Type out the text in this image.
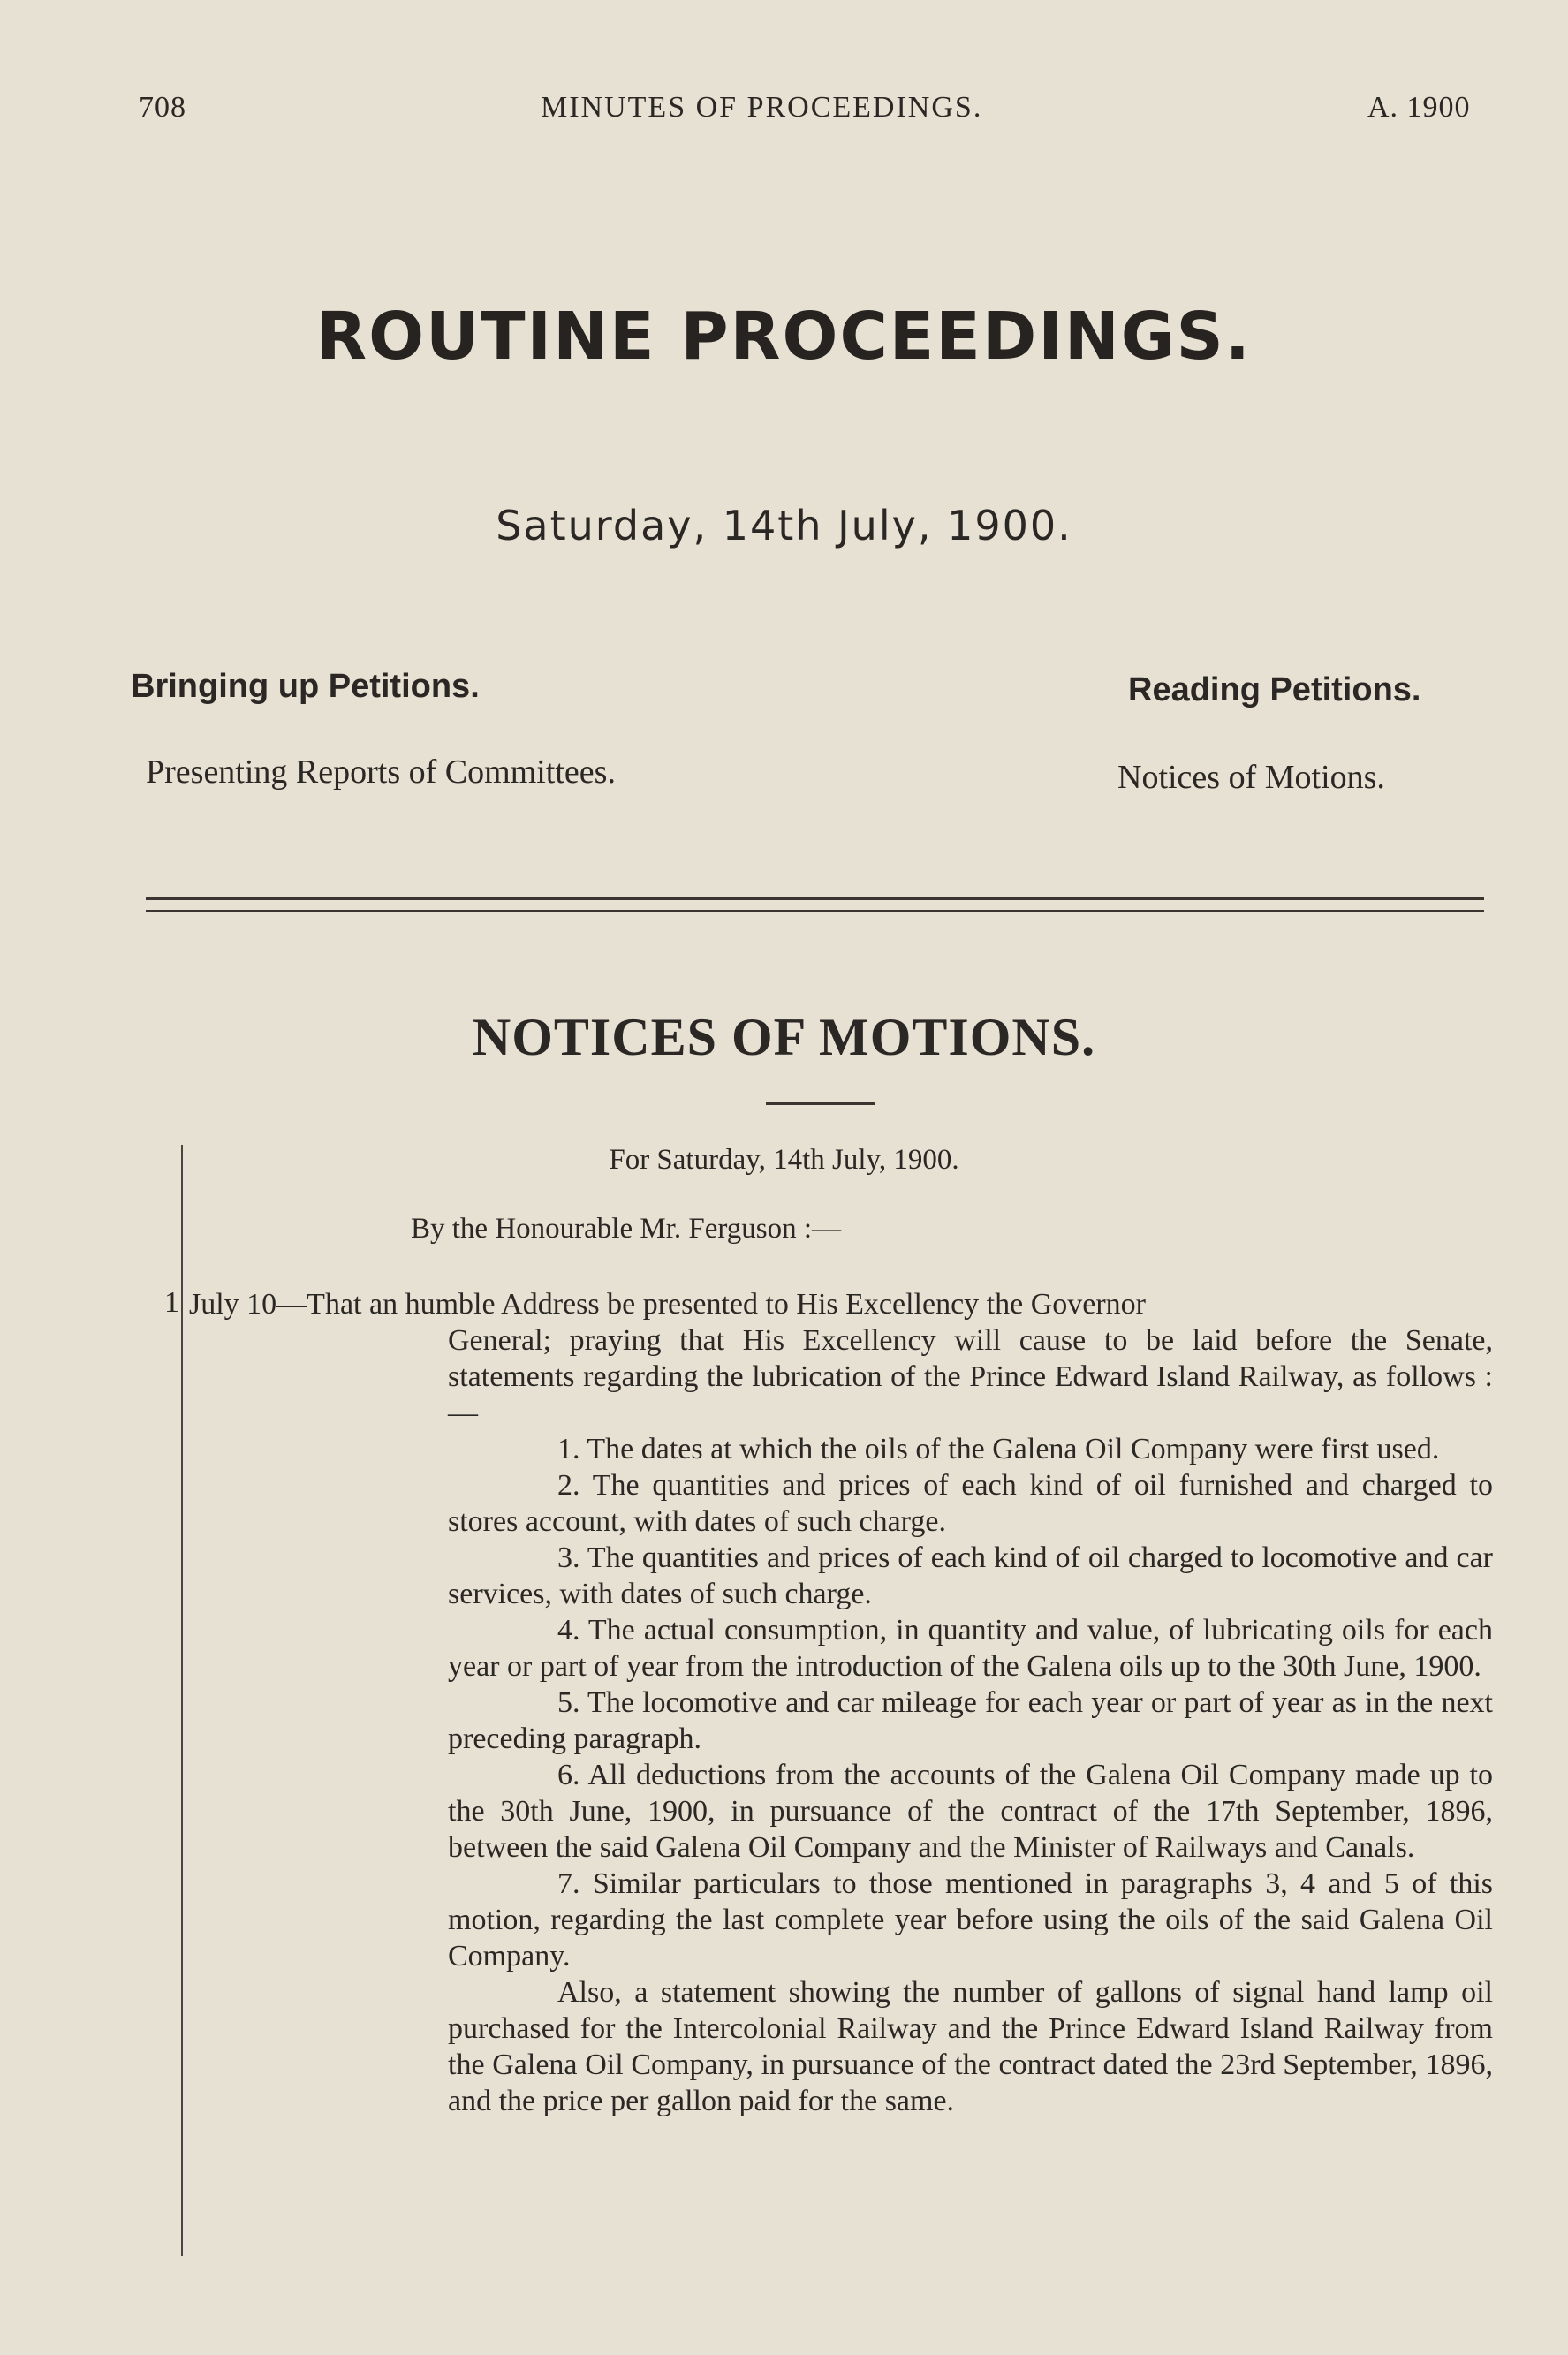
708	MINUTES OF PROCEEDINGS.	A. 1900
ROUTINE PROCEEDINGS.
Saturday, 14th July, 1900.
Bringing up Petitions.	Reading Petitions.
Presenting Reports of Committees.	Notices of Motions.
NOTICES OF MOTIONS.
For Saturday, 14th July, 1900.
By the Honourable Mr. Ferguson :—
1 July 10—That an humble Address be presented to His Excellency the Governor

General; praying that His Excellency will cause to be laid before the Senate, statements regarding the lubrication of the Prince Edward Island Railway, as follows :—

1. The dates at which the oils of the Galena Oil Company were first used.

2. The quantities and prices of each kind of oil furnished and charged to stores account, with dates of such charge.

3. The quantities and prices of each kind of oil charged to locomotive and car services, with dates of such charge.

4. The actual consumption, in quantity and value, of lubricating oils for each year or part of year from the introduction of the Galena oils up to the 30th June, 1900.

5. The locomotive and car mileage for each year or part of year as in the next preceding paragraph.

6. All deductions from the accounts of the Galena Oil Company made up to the 30th June, 1900, in pursuance of the contract of the 17th September, 1896, between the said Galena Oil Company and the Minister of Railways and Canals.

7. Similar particulars to those mentioned in paragraphs 3, 4 and 5 of this motion, regarding the last complete year before using the oils of the said Galena Oil Company.

Also, a statement showing the number of gallons of signal hand lamp oil purchased for the Intercolonial Railway and the Prince Edward Island Railway from the Galena Oil Company, in pursuance of the contract dated the 23rd September, 1896, and the price per gallon paid for the same.
